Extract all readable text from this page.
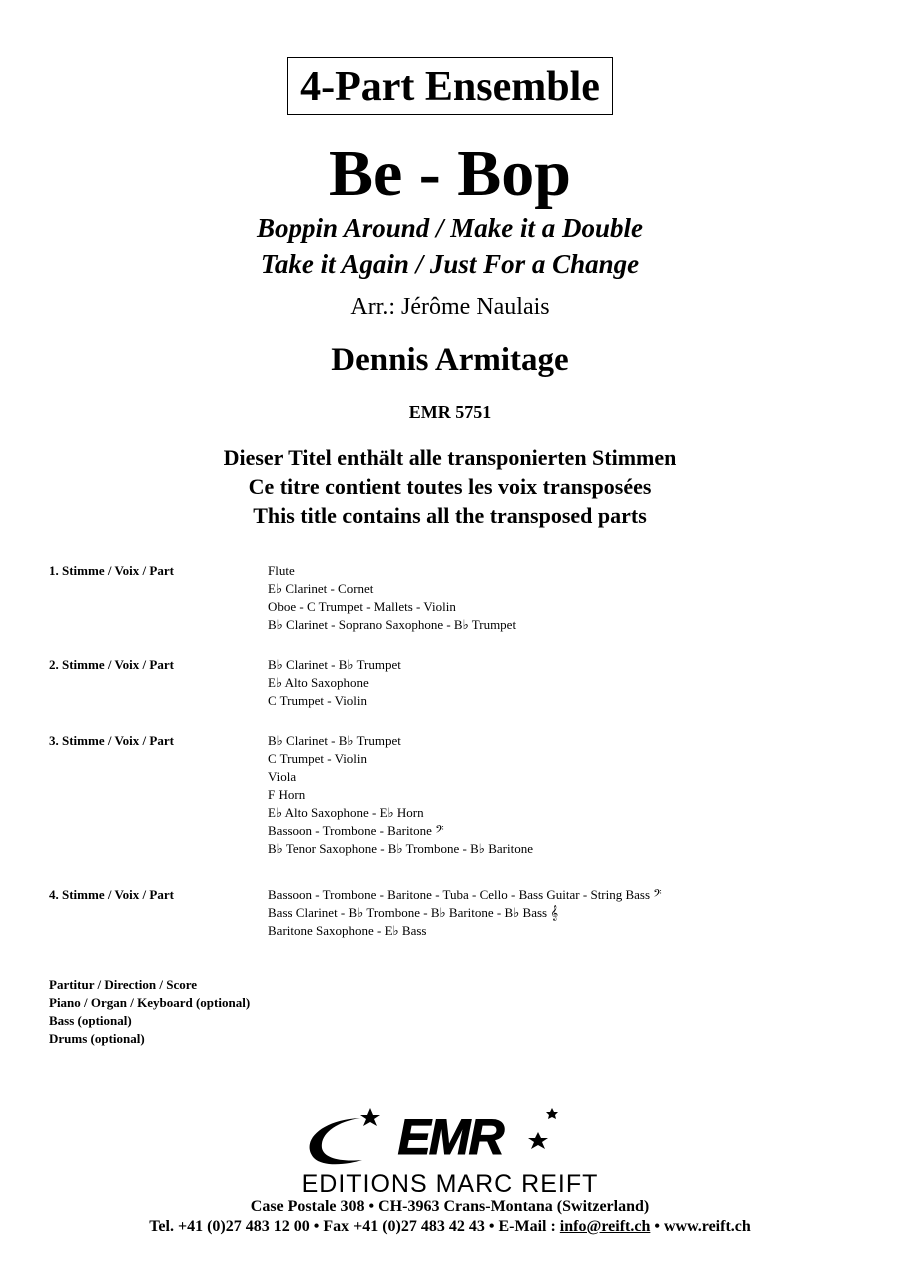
4-Part Ensemble
Be - Bop
Boppin Around / Make it a Double
Take it Again / Just For a Change
Arr.: Jérôme Naulais
Dennis Armitage
EMR 5751
Dieser Titel enthält alle transponierten Stimmen
Ce titre contient toutes les voix transposées
This title contains all the transposed parts
1. Stimme / Voix / Part	Flute
E♭ Clarinet - Cornet
Oboe - C Trumpet - Mallets - Violin
B♭ Clarinet - Soprano Saxophone - B♭ Trumpet
2. Stimme / Voix / Part	B♭ Clarinet - B♭ Trumpet
E♭ Alto Saxophone
C Trumpet - Violin
3. Stimme / Voix / Part	B♭ Clarinet - B♭ Trumpet
C Trumpet - Violin
Viola
F Horn
E♭ Alto Saxophone - E♭ Horn
Bassoon - Trombone - Baritone 𝄢
B♭ Tenor Saxophone - B♭ Trombone - B♭ Baritone
4. Stimme / Voix / Part	Bassoon - Trombone - Baritone - Tuba - Cello - Bass Guitar - String Bass 𝄢
Bass Clarinet - B♭ Trombone - B♭ Baritone - B♭ Bass 𝄞
Baritone Saxophone - E♭ Bass
Partitur / Direction / Score
Piano / Organ / Keyboard (optional)
Bass (optional)
Drums (optional)
EMR
EDITIONS MARC REIFT
Case Postale 308 • CH-3963 Crans-Montana (Switzerland)
Tel. +41 (0)27 483 12 00 • Fax +41 (0)27 483 42 43 • E-Mail : info@reift.ch • www.reift.ch
